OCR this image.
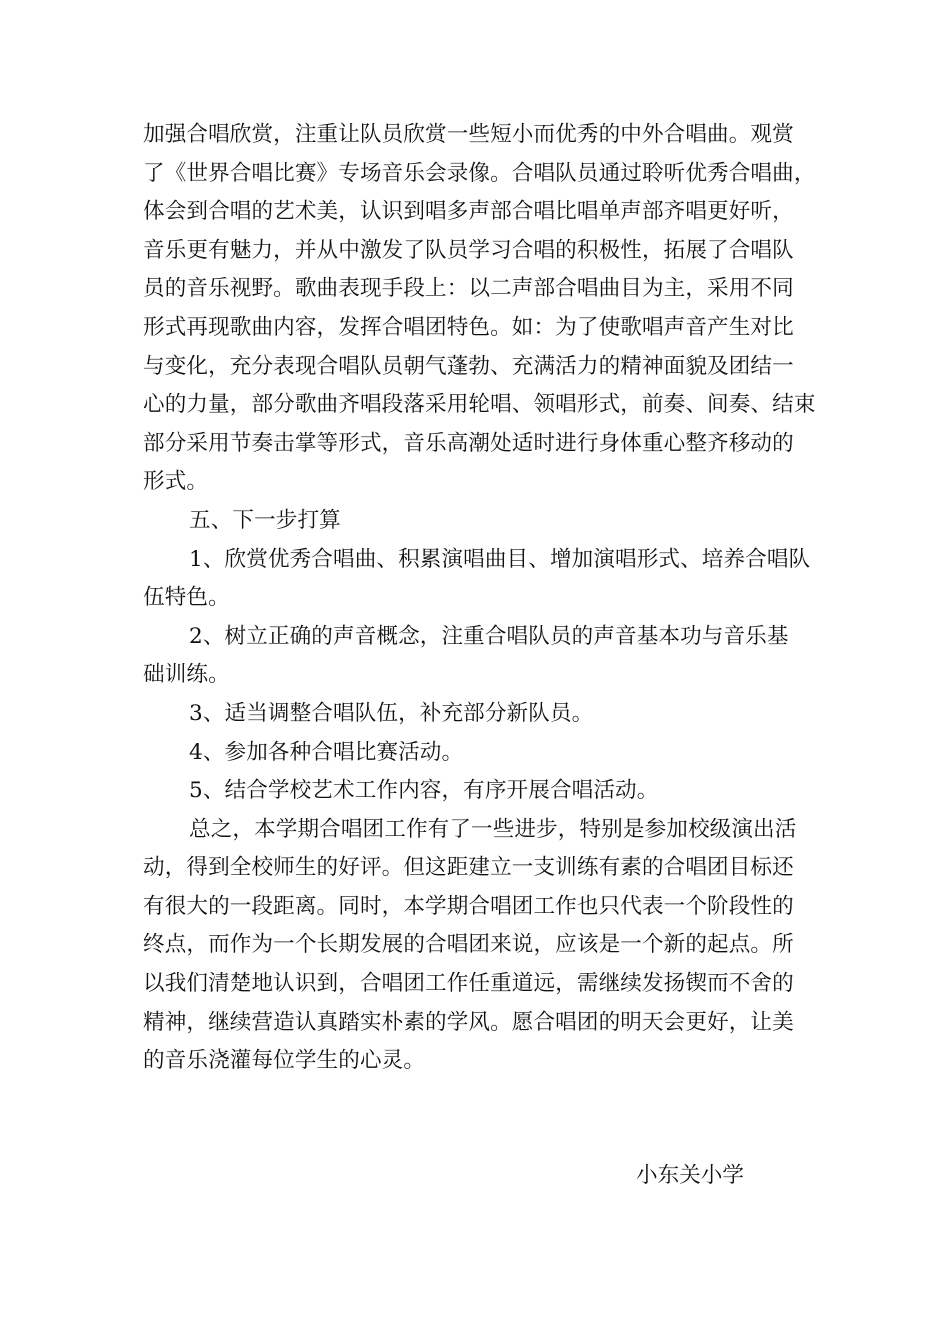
加强合唱欣赏，注重让队员欣赏一些短小而优秀的中外合唱曲。观赏
了《世界合唱比赛》专场音乐会录像。合唱队员通过聆听优秀合唱曲，
体会到合唱的艺术美，认识到唱多声部合唱比唱单声部齐唱更好听，
音乐更有魅力，并从中激发了队员学习合唱的积极性，拓展了合唱队
员的音乐视野。歌曲表现手段上：以二声部合唱曲目为主，采用不同
形式再现歌曲内容，发挥合唱团特色。如：为了使歌唱声音产生对比
与变化，充分表现合唱队员朝气蓬勃、充满活力的精神面貌及团结一
心的力量，部分歌曲齐唱段落采用轮唱、领唱形式，前奏、间奏、结束
部分采用节奏击掌等形式，音乐高潮处适时进行身体重心整齐移动的
形式。
五、下一步打算
1、欣赏优秀合唱曲、积累演唱曲目、增加演唱形式、培养合唱队
伍特色。
2、树立正确的声音概念，注重合唱队员的声音基本功与音乐基
础训练。
3、适当调整合唱队伍，补充部分新队员。
4、参加各种合唱比赛活动。
5、结合学校艺术工作内容，有序开展合唱活动。
总之，本学期合唱团工作有了一些进步，特别是参加校级演出活
动，得到全校师生的好评。但这距建立一支训练有素的合唱团目标还
有很大的一段距离。同时，本学期合唱团工作也只代表一个阶段性的
终点，而作为一个长期发展的合唱团来说，应该是一个新的起点。所
以我们清楚地认识到，合唱团工作任重道远，需继续发扬锲而不舍的
精神，继续营造认真踏实朴素的学风。愿合唱团的明天会更好，让美
的音乐浇灌每位学生的心灵。
小东关小学
